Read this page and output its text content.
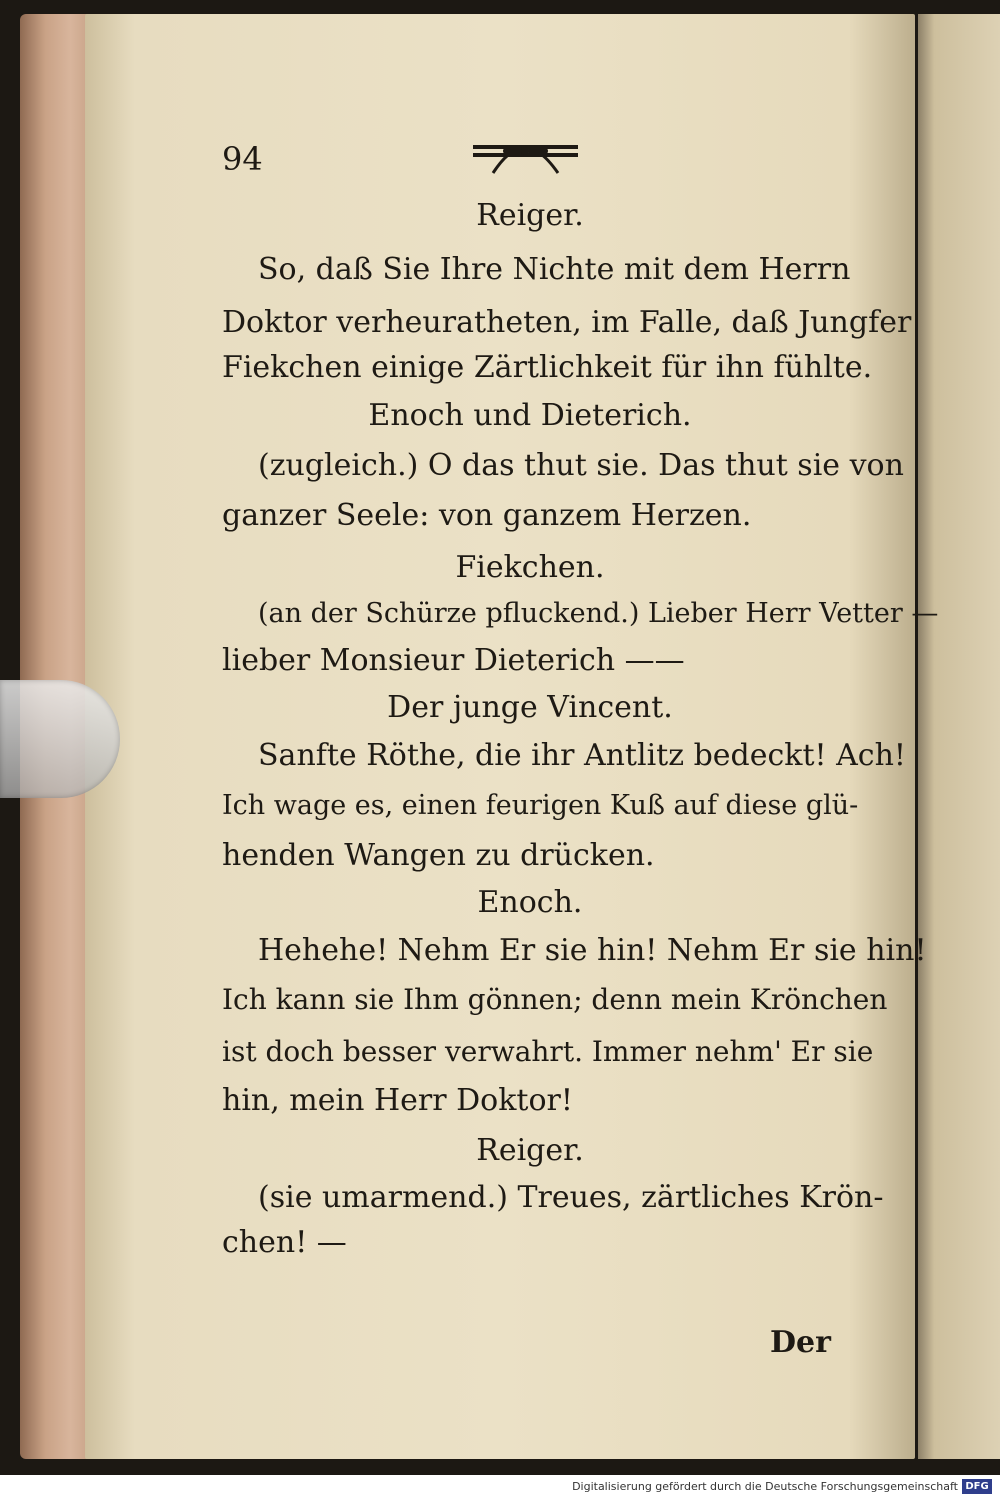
94
Reiger.
So, daß Sie Ihre Nichte mit dem Herrn
Doktor verheuratheten, im Falle, daß Jungfer
Fiekchen einige Zärtlichkeit für ihn fühlte.
Enoch und Dieterich.
(zugleich.) O das thut sie. Das thut sie von
ganzer Seele: von ganzem Herzen.
Fiekchen.
(an der Schürze pfluckend.) Lieber Herr Vetter —
lieber Monsieur Dieterich ——
Der junge Vincent.
Sanfte Röthe, die ihr Antlitz bedeckt! Ach!
Ich wage es, einen feurigen Kuß auf diese glü-
henden Wangen zu drücken.
Enoch.
Hehehe! Nehm Er sie hin! Nehm Er sie hin!
Ich kann sie Ihm gönnen; denn mein Krönchen
ist doch besser verwahrt. Immer nehm' Er sie
hin, mein Herr Doktor!
Reiger.
(sie umarmend.) Treues, zärtliches Krön-
chen! —
Der
Digitalisierung gefördert durch die Deutsche Forschungsgemeinschaft DFG
